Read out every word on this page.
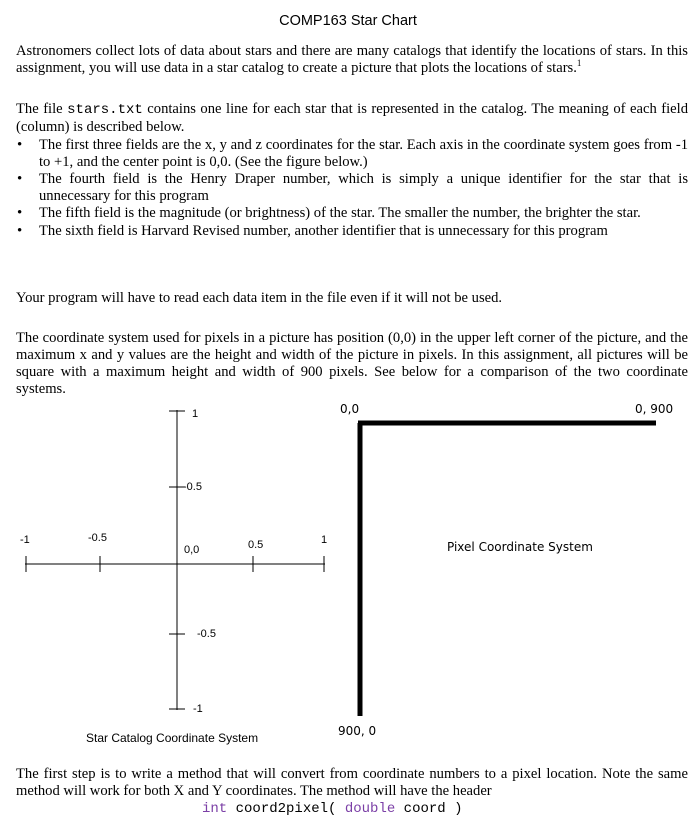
COMP163 Star Chart

Astronomers collect lots of data about stars and there are many catalogs that identify the locations of stars. In this assignment, you will use data in a star catalog to create a picture that plots the locations of stars.$^1$

The file stars.txt contains one line for each star that is represented in the catalog. The meaning of each field (column) is described below.

• The first three fields are the x, y and z coordinates for the star. Each axis in the coordinate system goes from -1 to +1, and the center point is 0,0. (See the figure below.)
• The fourth field is the Henry Draper number, which is simply a unique identifier for the star that is unnecessary for this program
• The fifth field is the magnitude (or brightness) of the star. The smaller the number, the brighter the star.
• The sixth field is Harvard Revised number, another identifier that is unnecessary for this program

Your program will have to read each data item in the file even if it will not be used.

The coordinate system used for pixels in a picture has position (0,0) in the upper left corner of the picture, and the maximum x and y values are the height and width of the picture in pixels. In this assignment, all pictures will be square with a maximum height and width of 900 pixels. See below for a comparison of the two coordinate systems.

1
-0.5
0,0
-0.5
-1
-1	-0.5
0.5	1
Star Catalog Coordinate System
0,0	0, 900
900, 0
Pixel Coordinate System

The first step is to write a method that will convert from coordinate numbers to a pixel location. Note the same method will work for both X and Y coordinates. The method will have the header

int coord2pixel( double coord )
